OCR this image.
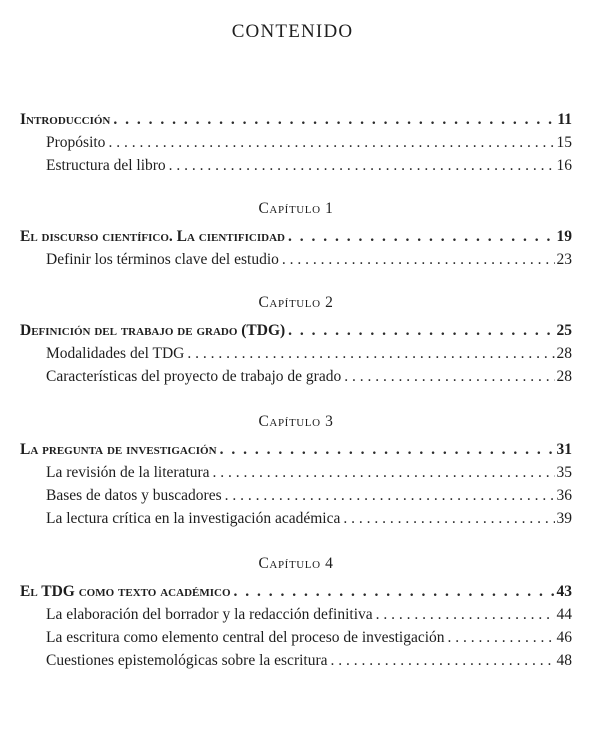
CONTENIDO
Introducción . . .	11
Propósito . . .	15
Estructura del libro . . .	16
Capítulo 1
El discurso científico. La cientificidad . . .	19
Definir los términos clave del estudio . . .	23
Capítulo 2
Definición del trabajo de grado (TDG) . . .	25
Modalidades del TDG . . .	28
Características del proyecto de trabajo de grado . . .	28
Capítulo 3
La pregunta de investigación . . .	31
La revisión de la literatura . . .	35
Bases de datos y buscadores . . .	36
La lectura crítica en la investigación académica . . .	39
Capítulo 4
El TDG como texto académico . . .	43
La elaboración del borrador y la redacción definitiva . . .	44
La escritura como elemento central del proceso de investigación . . .	46
Cuestiones epistemológicas sobre la escritura . . .	48
